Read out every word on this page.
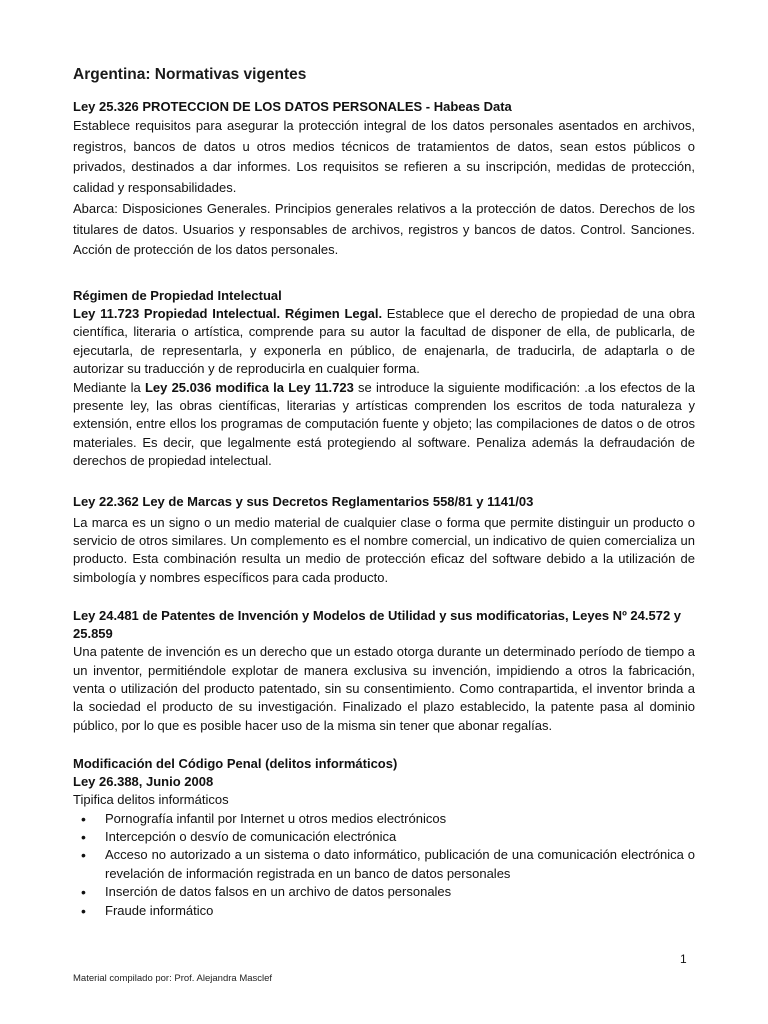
Argentina: Normativas vigentes

Ley 25.326 PROTECCION DE LOS DATOS PERSONALES - Habeas Data

Establece requisitos para asegurar la protección integral de los datos personales asentados en archivos, registros, bancos de datos u otros medios técnicos de tratamientos de datos, sean estos públicos o privados, destinados a dar informes. Los requisitos se refieren a su inscripción, medidas de protección, calidad y responsabilidades.

Abarca: Disposiciones Generales. Principios generales relativos a la protección de datos. Derechos de los titulares de datos. Usuarios y responsables de archivos, registros y bancos de datos. Control. Sanciones. Acción de protección de los datos personales.

Régimen de Propiedad Intelectual

Ley 11.723 Propiedad Intelectual. Régimen Legal. Establece que el derecho de propiedad de una obra científica, literaria o artística, comprende para su autor la facultad de disponer de ella, de publicarla, de ejecutarla, de representarla, y exponerla en público, de enajenarla, de traducirla, de adaptarla o de autorizar su traducción y de reproducirla en cualquier forma.

Mediante la Ley 25.036 modifica la Ley 11.723 se introduce la siguiente modificación: .a los efectos de la presente ley, las obras científicas, literarias y artísticas comprenden los escritos de toda naturaleza y extensión, entre ellos los programas de computación fuente y objeto; las compilaciones de datos o de otros materiales. Es decir, que legalmente está protegiendo al software. Penaliza además la defraudación de derechos de propiedad intelectual.

Ley 22.362 Ley de Marcas y sus Decretos Reglamentarios 558/81 y 1141/03

La marca es un signo o un medio material de cualquier clase o forma que permite distinguir un producto o servicio de otros similares. Un complemento es el nombre comercial, un indicativo de quien comercializa un producto. Esta combinación resulta un medio de protección eficaz del software debido a la utilización de simbología y nombres específicos para cada producto.

Ley 24.481 de Patentes de Invención y Modelos de Utilidad y sus modificatorias, Leyes Nº 24.572 y 25.859

Una patente de invención es un derecho que un estado otorga durante un determinado período de tiempo a un inventor, permitiéndole explotar de manera exclusiva su invención, impidiendo a otros la fabricación, venta o utilización del producto patentado, sin su consentimiento. Como contrapartida, el inventor brinda a la sociedad el producto de su investigación. Finalizado el plazo establecido, la patente pasa al dominio público, por lo que es posible hacer uso de la misma sin tener que abonar regalías.

Modificación del Código Penal (delitos informáticos)

Ley 26.388, Junio 2008

Tipifica delitos informáticos

• Pornografía infantil por Internet u otros medios electrónicos
• Intercepción o desvío de comunicación electrónica
• Acceso no autorizado a un sistema o dato informático, publicación de una comunicación electrónica o revelación de información registrada en un banco de datos personales
• Inserción de datos falsos en un archivo de datos personales
• Fraude informático
1
Material compilado por: Prof. Alejandra Masclef
